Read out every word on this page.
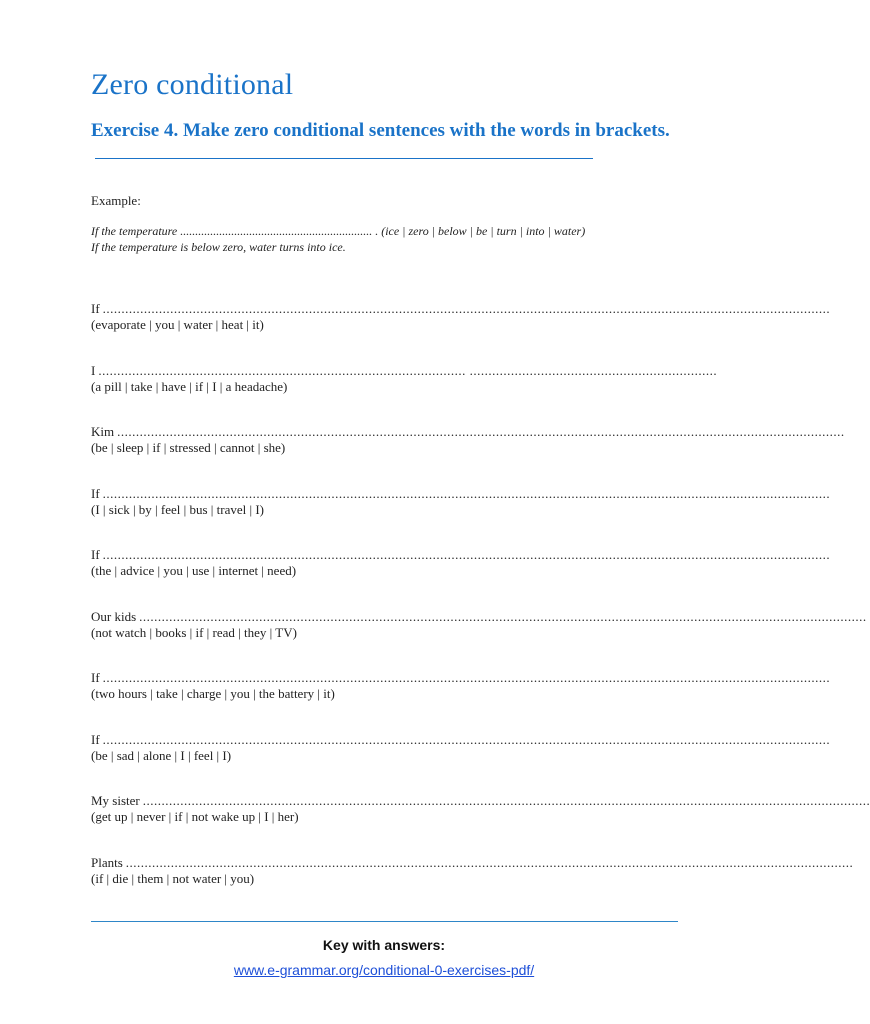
Zero conditional
Exercise 4. Make zero conditional sentences with the words in brackets.
Example:
If the temperature ................................................................ . (ice | zero | below | be | turn | into | water)
If the temperature is below zero, water turns into ice.
If ..................................................................................................................................................................................................
(evaporate | you | water | heat | it)
I .................................................................................................. ..................................................................
(a pill | take | have | if | I | a headache)
Kim ..................................................................................................................................................................................................
(be | sleep | if | stressed | cannot | she)
If ..................................................................................................................................................................................................
(I | sick | by | feel | bus | travel | I)
If ..................................................................................................................................................................................................
(the | advice | you | use | internet | need)
Our kids ..................................................................................................................................................................................................
(not watch | books | if | read | they | TV)
If ..................................................................................................................................................................................................
(two hours | take | charge | you | the battery | it)
If ..................................................................................................................................................................................................
(be | sad | alone | I | feel | I)
My sister ..................................................................................................................................................................................................
(get up | never | if | not wake up | I | her)
Plants ..................................................................................................................................................................................................
(if | die | them | not water | you)
Key with answers:
www.e-grammar.org/conditional-0-exercises-pdf/
